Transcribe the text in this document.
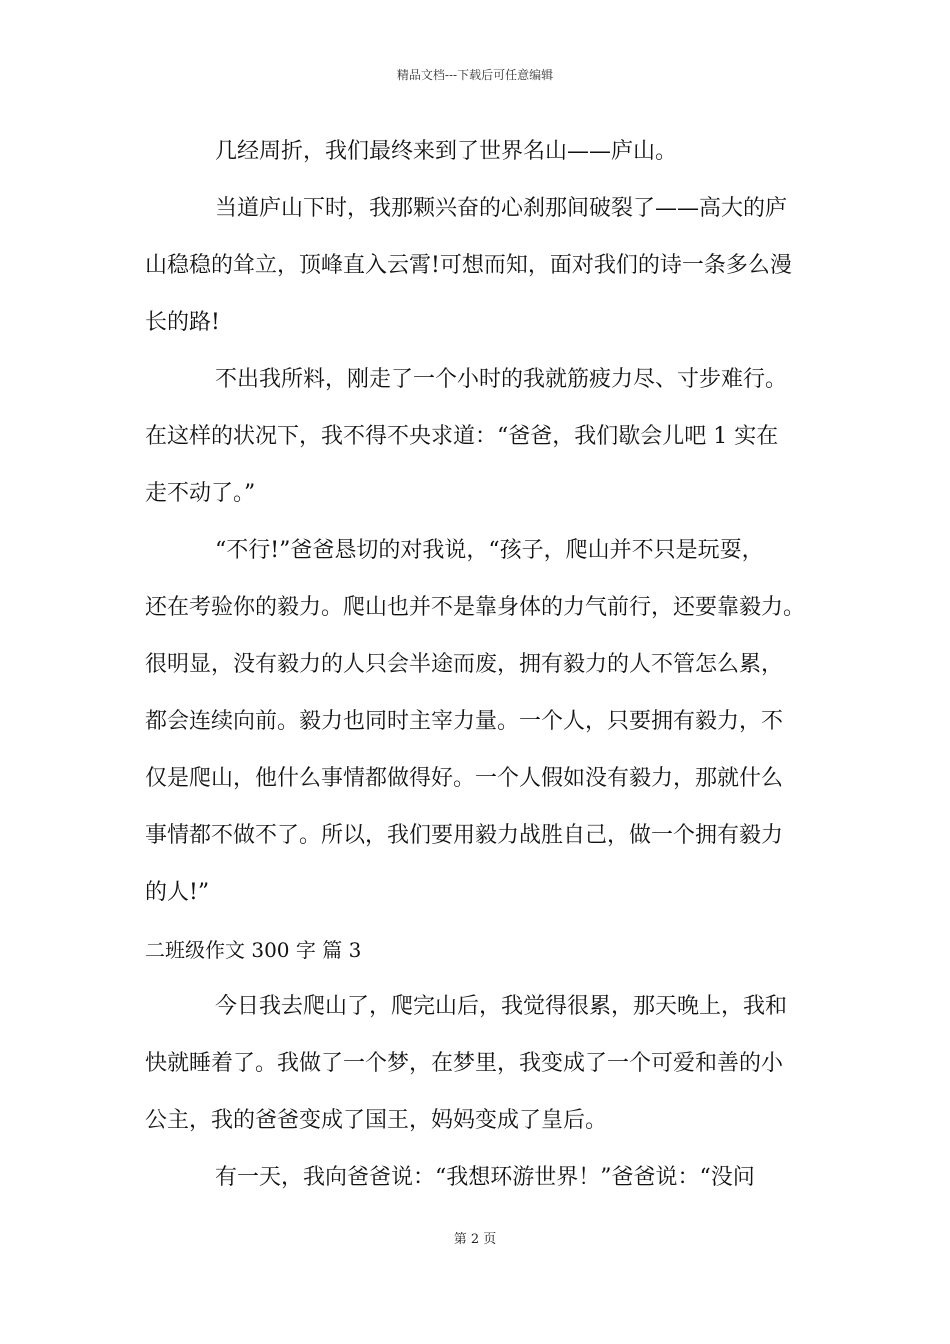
精品文档---下载后可任意编辑
几经周折，我们最终来到了世界名山——庐山。
当道庐山下时，我那颗兴奋的心刹那间破裂了——高大的庐
山稳稳的耸立，顶峰直入云霄!可想而知，面对我们的诗一条多么漫
长的路!
不出我所料，刚走了一个小时的我就筋疲力尽、寸步难行。
在这样的状况下，我不得不央求道：“爸爸，我们歇会儿吧 1 实在
走不动了。”
“不行!”爸爸恳切的对我说，“孩子，爬山并不只是玩耍，
还在考验你的毅力。爬山也并不是靠身体的力气前行，还要靠毅力。
很明显，没有毅力的人只会半途而废，拥有毅力的人不管怎么累，
都会连续向前。毅力也同时主宰力量。一个人，只要拥有毅力，不
仅是爬山，他什么事情都做得好。一个人假如没有毅力，那就什么
事情都不做不了。所以，我们要用毅力战胜自己，做一个拥有毅力
的人!”
二班级作文 300 字 篇 3
今日我去爬山了，爬完山后，我觉得很累，那天晚上，我和
快就睡着了。我做了一个梦，在梦里，我变成了一个可爱和善的小
公主，我的爸爸变成了国王，妈妈变成了皇后。
有一天，我向爸爸说：“我想环游世界！”爸爸说：“没问
第 2 页
